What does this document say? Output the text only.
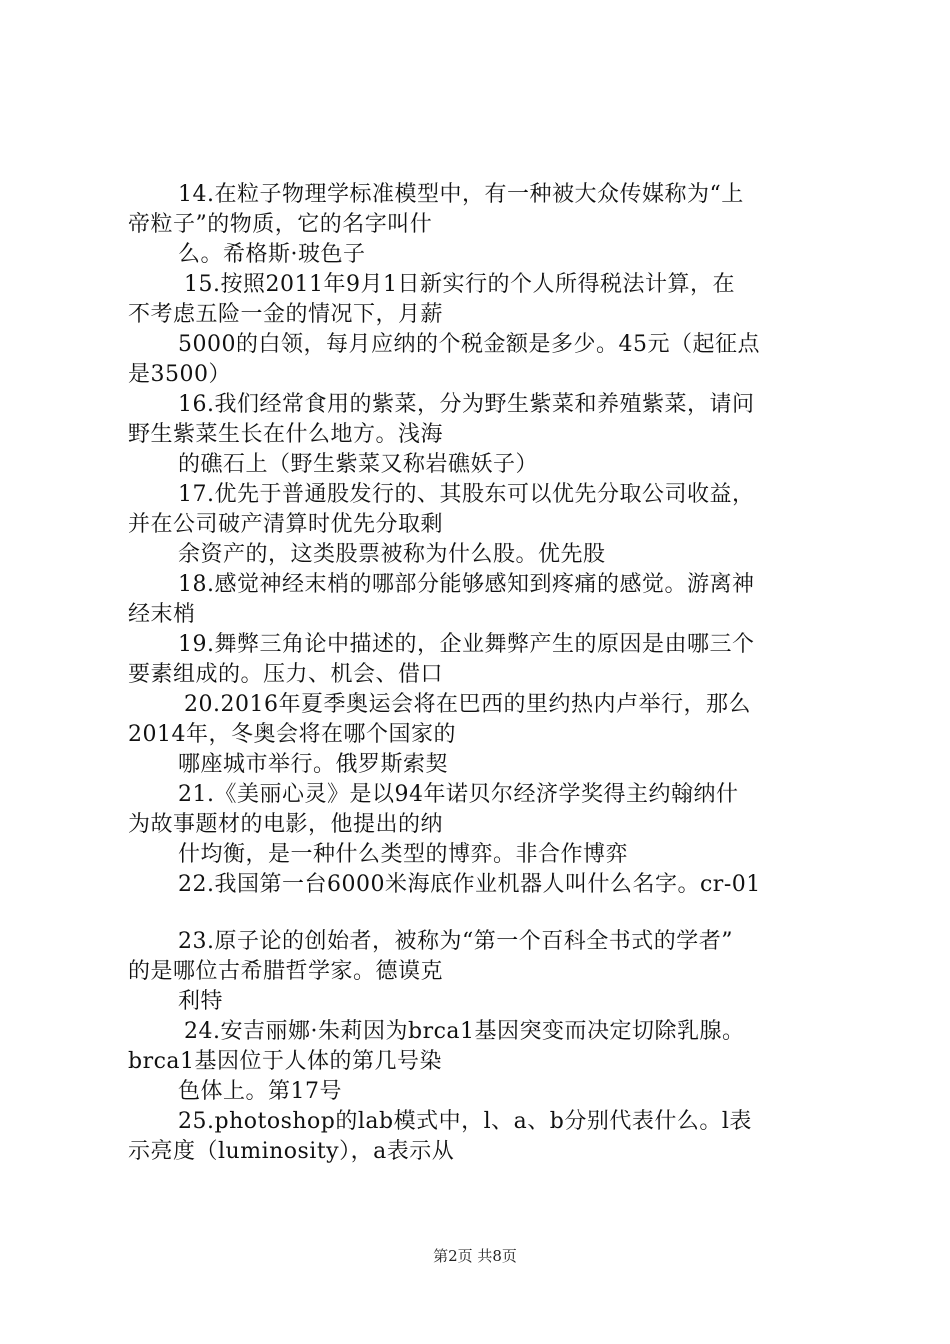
14.在粒子物理学标准模型中，有一种被大众传媒称为“上
帝粒子”的物质，它的名字叫什
么。希格斯·玻色子
15.按照2011年9月1日新实行的个人所得税法计算，在
不考虑五险一金的情况下，月薪
5000的白领，每月应纳的个税金额是多少。45元（起征点
是3500）
16.我们经常食用的紫菜，分为野生紫菜和养殖紫菜，请问
野生紫菜生长在什么地方。浅海
的礁石上（野生紫菜又称岩礁妖子）
17.优先于普通股发行的、其股东可以优先分取公司收益，
并在公司破产清算时优先分取剩
余资产的，这类股票被称为什么股。优先股
18.感觉神经末梢的哪部分能够感知到疼痛的感觉。游离神
经末梢
19.舞弊三角论中描述的，企业舞弊产生的原因是由哪三个
要素组成的。压力、机会、借口
20.2016年夏季奥运会将在巴西的里约热内卢举行，那么
2014年，冬奥会将在哪个国家的
哪座城市举行。俄罗斯索契
21.《美丽心灵》是以94年诺贝尔经济学奖得主约翰纳什
为故事题材的电影，他提出的纳
什均衡，是一种什么类型的博弈。非合作博弈
22.我国第一台6000米海底作业机器人叫什么名字。cr-01
23.原子论的创始者，被称为“第一个百科全书式的学者”
的是哪位古希腊哲学家。德谟克
利特
24.安吉丽娜·朱莉因为brca1基因突变而决定切除乳腺。
brca1基因位于人体的第几号染
色体上。第17号
25.photoshop的lab模式中，l、a、b分别代表什么。l表
示亮度（luminosity），a表示从
第2页 共8页
